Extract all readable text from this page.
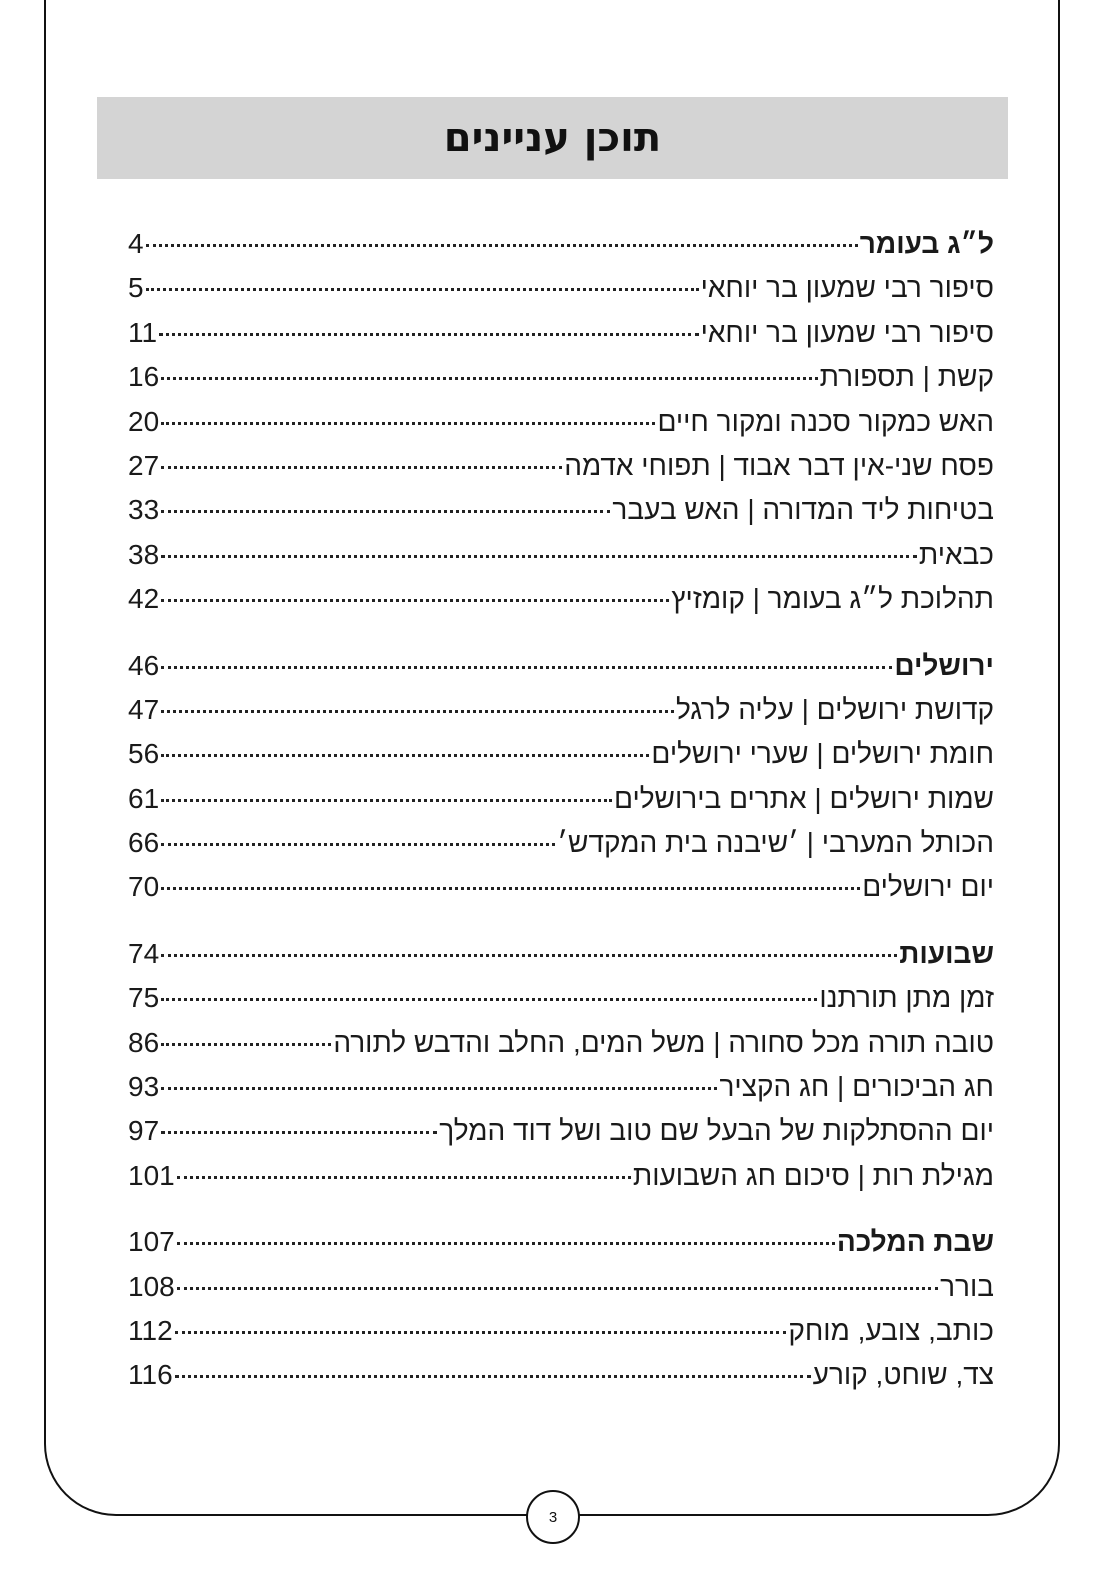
תוכן עניינים
ל״ג בעומר
4
סיפור רבי שמעון בר יוחאי
5
סיפור רבי שמעון בר יוחאי
11
קשת | תספורת
16
האש כמקור סכנה ומקור חיים
20
פסח שני-אין דבר אבוד | תפוחי אדמה
27
בטיחות ליד המדורה | האש בעבר
33
כבאית
38
תהלוכת ל״ג בעומר | קומזיץ
42
ירושלים
46
קדושת ירושלים | עליה לרגל
47
חומת ירושלים | שערי ירושלים
56
שמות ירושלים | אתרים בירושלים
61
הכותל המערבי | ׳שיבנה בית המקדש׳
66
יום ירושלים
70
שבועות
74
זמן מתן תורתנו
75
טובה תורה מכל סחורה | משל המים, החלב והדבש לתורה
86
חג הביכורים | חג הקציר
93
יום ההסתלקות של הבעל שם טוב ושל דוד המלך
97
מגילת רות | סיכום חג השבועות
101
שבת המלכה
107
בורר
108
כותב, צובע, מוחק
112
צד, שוחט, קורע
116
3
